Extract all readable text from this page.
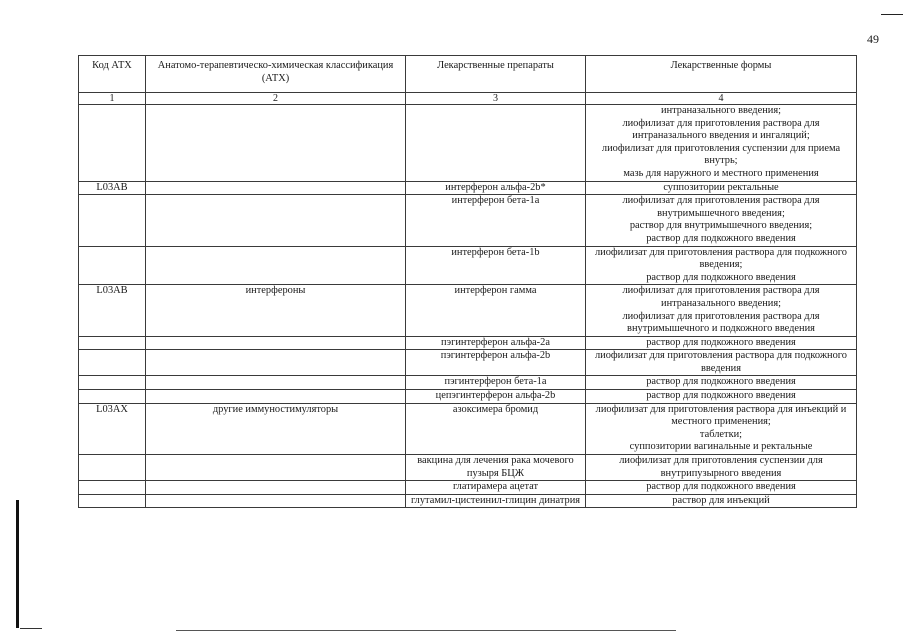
49
Код АТХ	Анатомо-терапевтическо-химическая классификация (АТХ)	Лекарственные препараты	Лекарственные формы
1	2	3	4

			интраназального введения;
лиофилизат для приготовления раствора для интраназального введения и ингаляций;
лиофилизат для приготовления суспензии для приема внутрь;
мазь для наружного и местного применения

L03AB		интерферон альфа-2b*	суппозитории ректальные

		интерферон бета-1a	лиофилизат для приготовления раствора для внутримышечного введения;
раствор для внутримышечного введения;
раствор для подкожного введения

		интерферон бета-1b	лиофилизат для приготовления раствора для подкожного введения;
раствор для подкожного введения

L03AB	интерфероны	интерферон гамма	лиофилизат для приготовления раствора для интраназального введения;
лиофилизат для приготовления раствора для внутримышечного и подкожного введения

		пэгинтерферон альфа-2a	раствор для подкожного введения

		пэгинтерферон альфа-2b	лиофилизат для приготовления раствора для подкожного введения

		пэгинтерферон бета-1a	раствор для подкожного введения

		цепэгинтерферон альфа-2b	раствор для подкожного введения

L03AX	другие иммуностимуляторы	азоксимера бромид	лиофилизат для приготовления раствора для инъекций и местного применения;
таблетки;
суппозитории вагинальные и ректальные

		вакцина для лечения рака мочевого пузыря БЦЖ	лиофилизат для приготовления суспензии для внутрипузырного введения

		глатирамера ацетат	раствор для подкожного введения

		глутамил-цистеинил-глицин динатрия	раствор для инъекций
